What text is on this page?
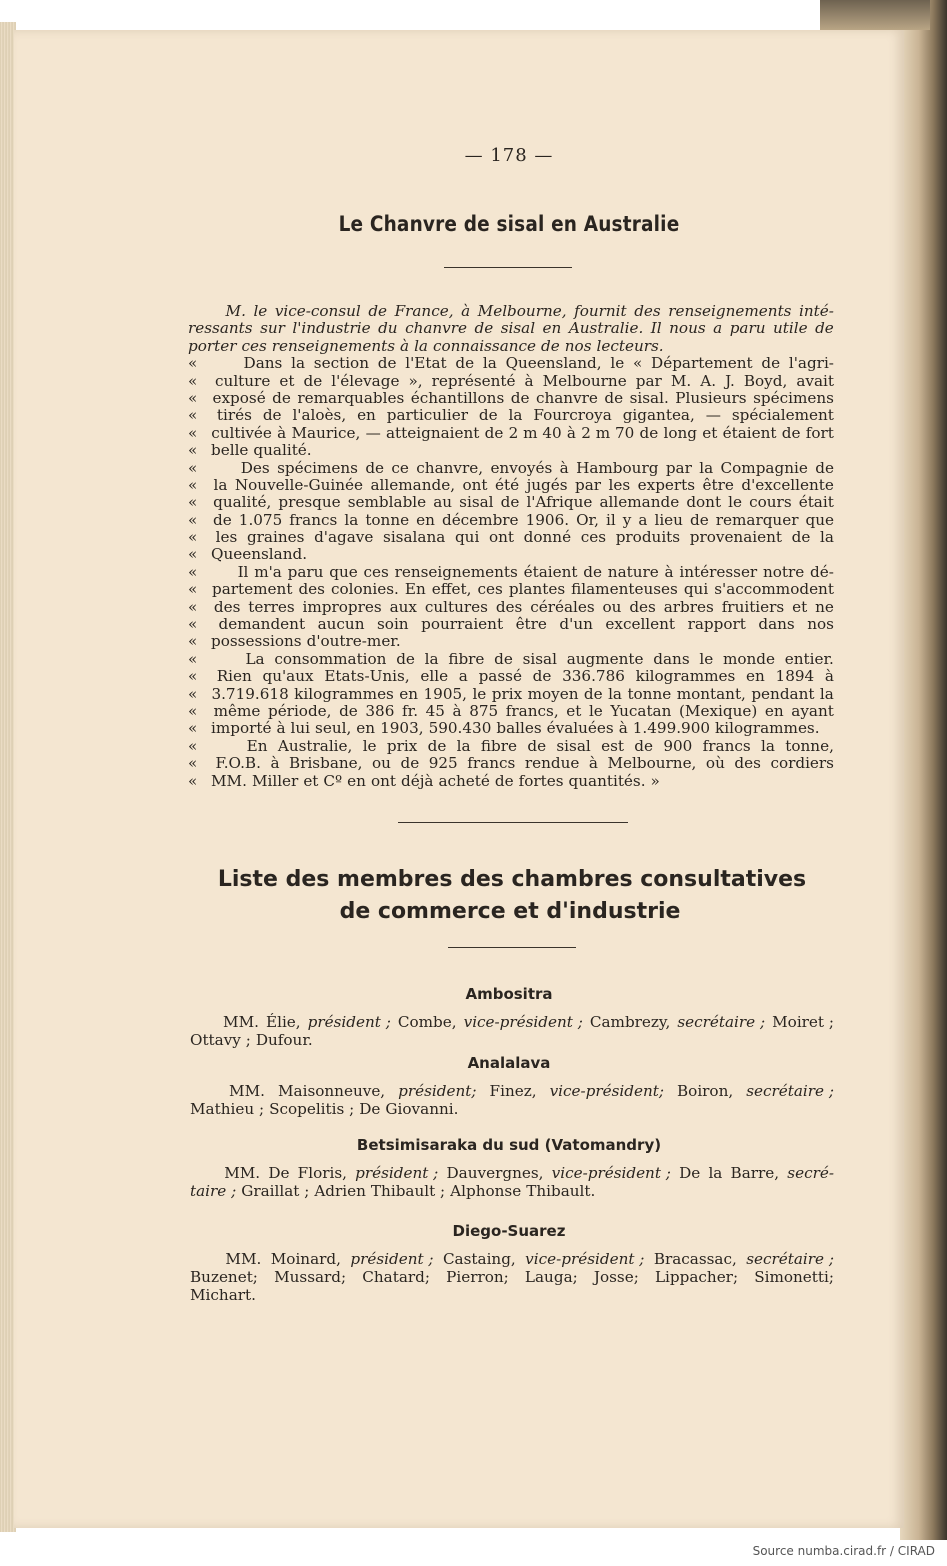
— 178 —
Le Chanvre de sisal en Australie
M. le vice-consul de France, à Melbourne, fournit des renseignements inté-
ressants sur l'industrie du chanvre de sisal en Australie. Il nous a paru utile de
porter ces renseignements à la connaissance de nos lecteurs.
«	Dans la section de l'Etat de la Queensland, le « Département de l'agri-
«	culture et de l'élevage », représenté à Melbourne par M. A. J. Boyd, avait
« exposé de remarquables échantillons de chanvre de sisal. Plusieurs spécimens
«	tirés de l'aloès, en particulier de la Fourcroya gigantea, — spécialement
« cultivée à Maurice, — atteignaient de 2 m 40 à 2 m 70 de long et étaient de fort
« belle qualité.
«	Des spécimens de ce chanvre, envoyés à Hambourg par la Compagnie de
«	la Nouvelle-Guinée allemande, ont été jugés par les experts être d'excellente
«	qualité, presque semblable au sisal de l'Afrique allemande dont le cours était
«	de 1.075 francs la tonne en décembre 1906. Or, il y a lieu de remarquer que
«	les graines d'agave sisalana qui ont donné ces produits provenaient de la
« Queensland.
«	Il m'a paru que ces renseignements étaient de nature à intéresser notre dé-
« partement des colonies. En effet, ces plantes filamenteuses qui s'accommodent
«	des terres impropres aux cultures des céréales ou des arbres fruitiers et ne
«	demandent aucun soin pourraient être d'un excellent rapport dans nos
« possessions d'outre-mer.
«	La consommation de la fibre de sisal augmente dans le monde entier.
«	Rien qu'aux Etats-Unis, elle a passé de 336.786 kilogrammes en 1894 à
« 3.719.618 kilogrammes en 1905, le prix moyen de la tonne montant, pendant la
«	même période, de 386 fr. 45 à 875 francs, et le Yucatan (Mexique) en ayant
« importé à lui seul, en 1903, 590.430 balles évaluées à 1.499.900 kilogrammes.
«	En Australie, le prix de la fibre de sisal est de 900 francs la tonne,
«	F.O.B. à Brisbane, ou de 925 francs rendue à Melbourne, où des cordiers
« MM. Miller et Cº en ont déjà acheté de fortes quantités. »
Liste des membres des chambres consultatives
de commerce et d'industrie
Ambositra
MM. Élie, président ; Combe, vice-président ; Cambrezy, secrétaire ; Moiret ;
Ottavy ; Dufour.
Analalava
MM. Maisonneuve, président; Finez, vice-président; Boiron, secrétaire ;
Mathieu ; Scopelitis ; De Giovanni.
Betsimisaraka du sud (Vatomandry)
MM. De Floris, président ; Dauvergnes, vice-président ; De la Barre, secré-
taire ; Graillat ; Adrien Thibault ; Alphonse Thibault.
Diego-Suarez
MM. Moinard, président ; Castaing, vice-président ; Bracassac, secrétaire ;
Buzenet; Mussard; Chatard; Pierron; Lauga; Josse; Lippacher; Simonetti;
Michart.
Source numba.cirad.fr / CIRAD
